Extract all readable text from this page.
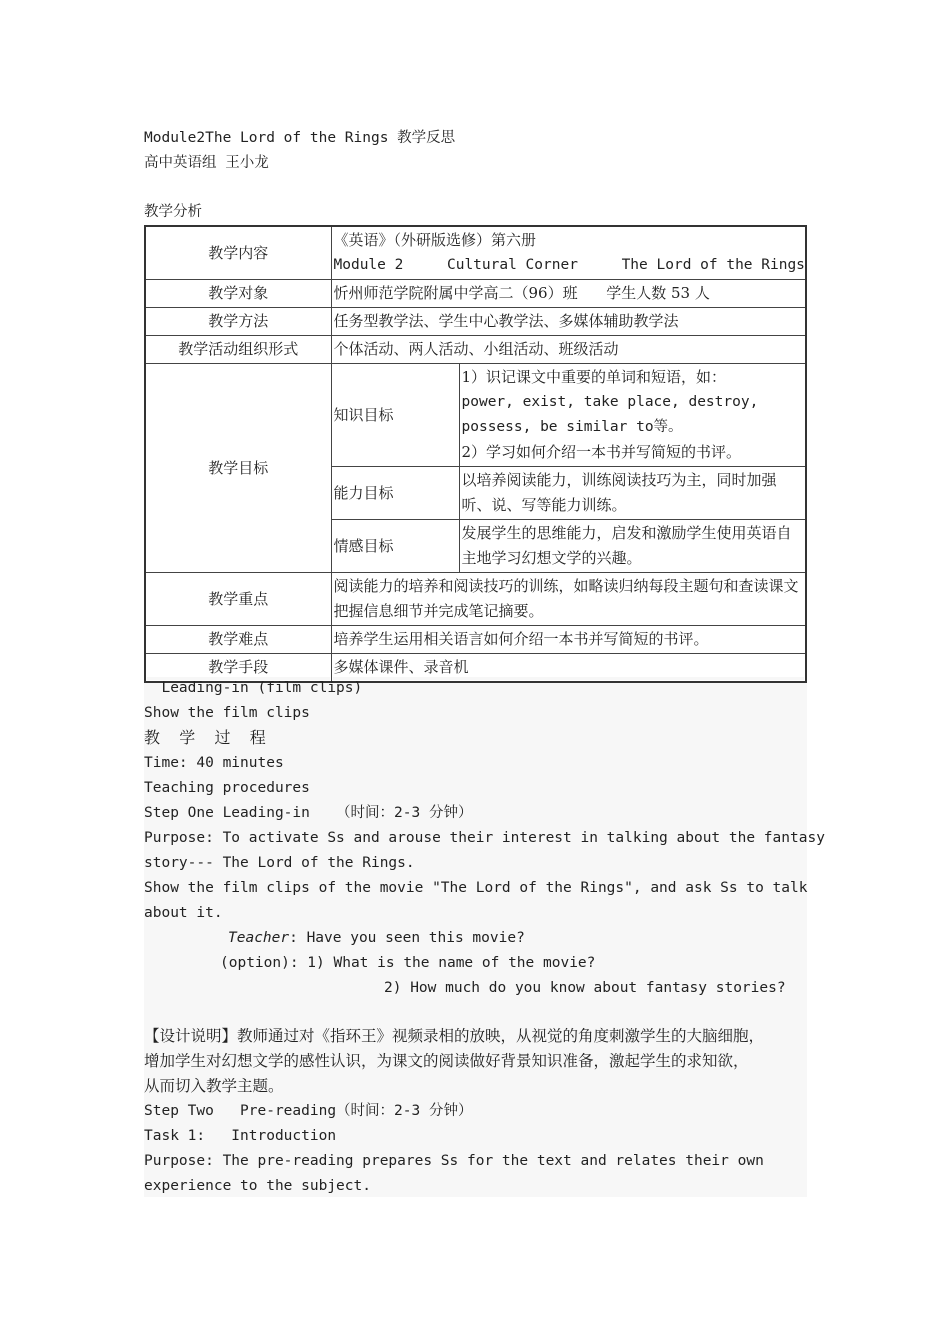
Module2The Lord of the Rings 教学反思
高中英语组 王小龙
教学分析
教学内容	《英语》（外研版选修）第六册
Module 2     Cultural Corner     The Lord of the Rings	

教学对象	忻州师范学院附属中学高二（96）班      学生人数 53 人	
教学方法	任务型教学法、学生中心教学法、多媒体辅助教学法	
教学活动组织形式	个体活动、两人活动、小组活动、班级活动	
教学目标	知识目标	1）识记课文中重要的单词和短语，如：
power, exist, take place, destroy,
possess, be similar to等。
2）学习如何介绍一本书并写简短的书评。

	能力目标	以培养阅读能力，训练阅读技巧为主，同时加强听、说、写等能力训练。
	情感目标	发展学生的思维能力，启发和激励学生使用英语自主地学习幻想文学的兴趣。
教学重点	阅读能力的培养和阅读技巧的训练，如略读归纳每段主题句和查读课文把握信息细节并完成笔记摘要。	
教学难点	培养学生运用相关语言如何介绍一本书并写简短的书评。	
教学手段	多媒体课件、录音机	
Leading-in (film clips)
Show the film clips
教  学  过  程
Time: 40 minutes
Teaching procedures
Step One Leading-in   （时间：2-3 分钟）
Purpose: To activate Ss and arouse their interest in talking about the fantasy
story--- The Lord of the Rings.
Show the film clips of the movie "The Lord of the Rings", and ask Ss to talk
about it.
Teacher: Have you seen this movie?
(option): 1) What is the name of the movie?
2) How much do you know about fantasy stories?
【设计说明】教师通过对《指环王》视频录相的放映，从视觉的角度刺激学生的大脑细胞，
增加学生对幻想文学的感性认识，为课文的阅读做好背景知识准备，激起学生的求知欲，
从而切入教学主题。
Step Two   Pre-reading（时间：2-3 分钟）
Task 1:   Introduction
Purpose: The pre-reading prepares Ss for the text and relates their own
experience to the subject.
